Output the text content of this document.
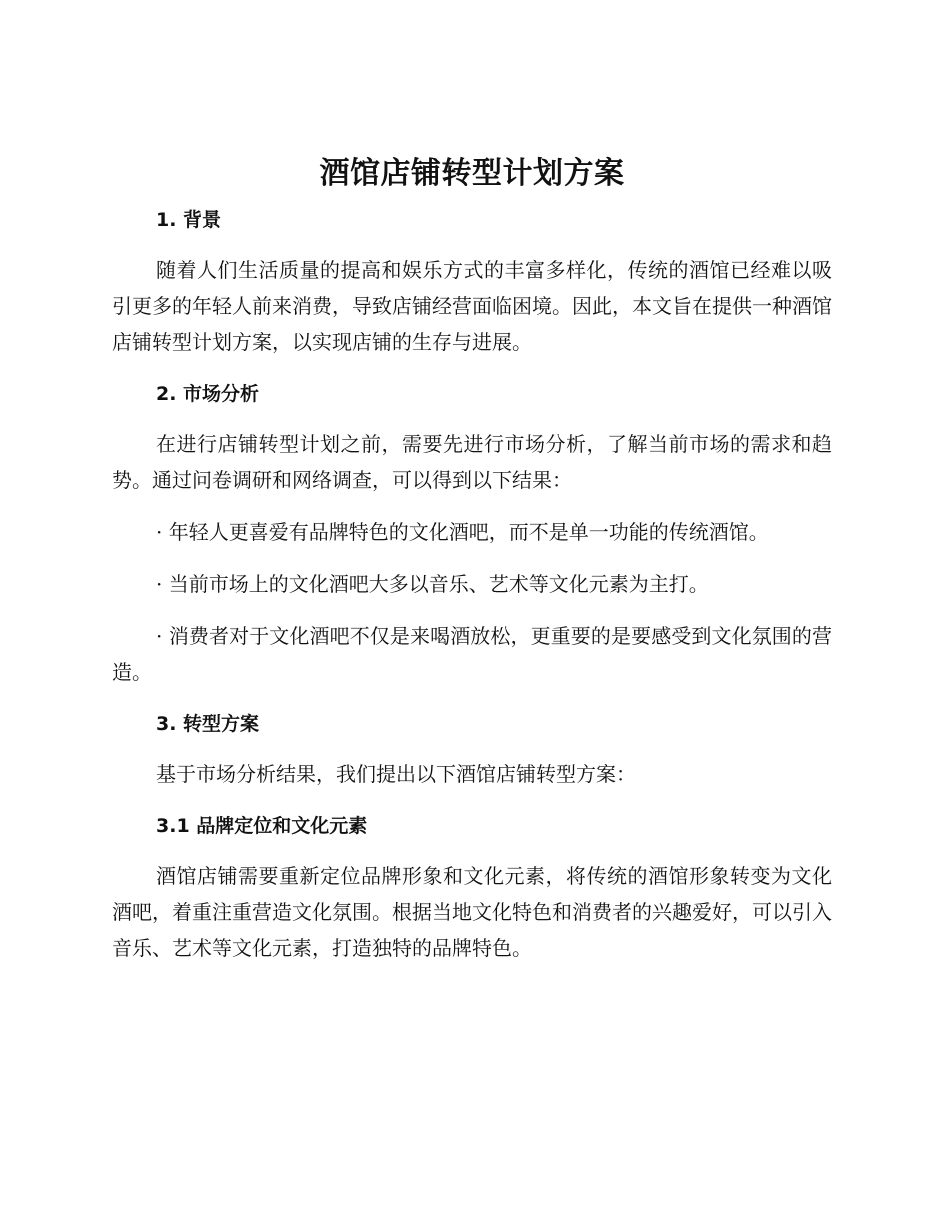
酒馆店铺转型计划方案
1. 背景

随着人们生活质量的提高和娱乐方式的丰富多样化，传统的酒馆已经难以吸引更多的年轻人前来消费，导致店铺经营面临困境。因此，本文旨在提供一种酒馆店铺转型计划方案，以实现店铺的生存与进展。

2. 市场分析

在进行店铺转型计划之前，需要先进行市场分析，了解当前市场的需求和趋势。通过问卷调研和网络调查，可以得到以下结果：

· 年轻人更喜爱有品牌特色的文化酒吧，而不是单一功能的传统酒馆。

· 当前市场上的文化酒吧大多以音乐、艺术等文化元素为主打。

· 消费者对于文化酒吧不仅是来喝酒放松，更重要的是要感受到文化氛围的营造。

3. 转型方案

基于市场分析结果，我们提出以下酒馆店铺转型方案：

3.1 品牌定位和文化元素

酒馆店铺需要重新定位品牌形象和文化元素，将传统的酒馆形象转变为文化酒吧，着重注重营造文化氛围。根据当地文化特色和消费者的兴趣爱好，可以引入音乐、艺术等文化元素，打造独特的品牌特色。
